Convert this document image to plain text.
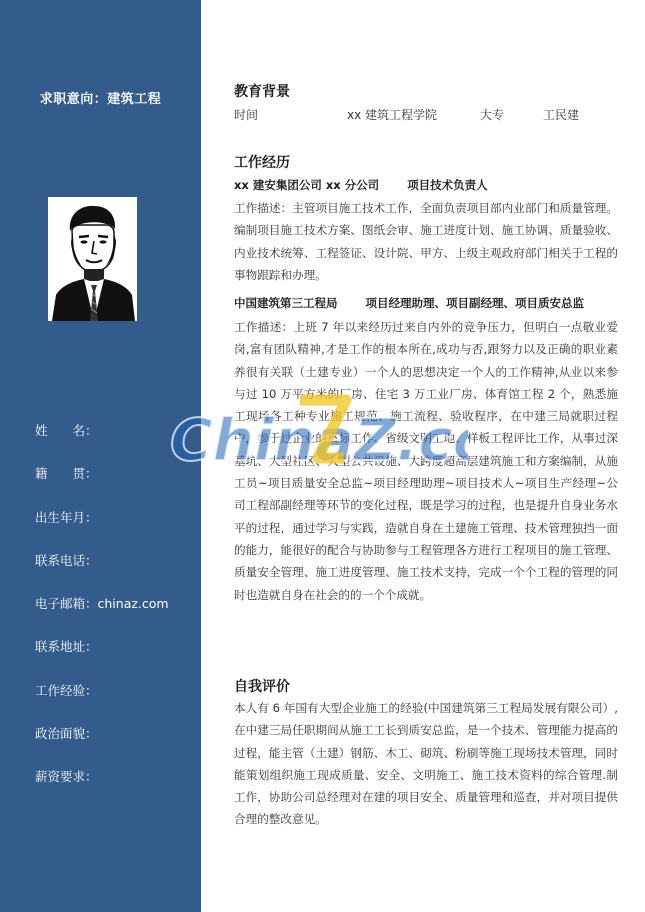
求职意向：建筑工程
姓　　名：
籍　　贯：
出生年月：
联系电话：
电子邮箱：chinaz.com
联系地址：
工作经验：
政治面貌：
薪资要求：
教育背景
时间	xx 建筑工程学院	大专	工民建
工作经历
xx 建安集团公司 xx 分公司 项目技术负责人
工作描述：主管项目施工技术工作，全面负责项目部内业部门和质量管理。编制项目施工技术方案、图纸会审、施工进度计划、施工协调、质量验收、内业技术统筹、工程签证、设计院、甲方、上级主观政府部门相关于工程的事物跟踪和办理。
中国建筑第三工程局 项目经理助理、项目副经理、项目质安总监
工作描述：上班 7 年以来经历过来自内外的竞争压力，但明白一点敬业爱岗,富有团队精神,才是工作的根本所在,成功与否,跟努力以及正确的职业素养很有关联（土建专业）一个人的思想决定一个人的工作精神,从业以来参与过 10 万平方米的厂房、住宅 3 万工业厂房、体育馆工程 2 个，熟悉施工现场各工种专业施工规范、施工流程、验收程序，在中建三局就职过程中，参于过企业的贯标工作、省级文明工地、样板工程评比工作，从事过深基坑、大型社区、大型公共设施、大跨度超高层建筑施工和方案编制，从施工员~项目质量安全总监~项目经理助理~项目技术人~项目生产经理~公司工程部副经理等环节的变化过程，既是学习的过程，也是提升自身业务水平的过程，通过学习与实践，造就自身在土建施工管理、技术管理独挡一面的能力，能很好的配合与协助参与工程管理各方进行工程项目的施工管理、质量安全管理、施工进度管理、施工技术支持，完成一个个工程的管理的同时也造就自身在社会的的一个个成就。
自我评价
本人有 6 年国有大型企业施工的经验(中国建筑第三工程局发展有限公司）,在中建三局任职期间从施工工长到质安总监，是一个技术、管理能力提高的过程，能主管（土建）钢筋、木工、砌筑、粉刷等施工现场技术管理，同时能策划组织施工现成质量、安全、文明施工、施工技术资料的综合管理.制工作，协助公司总经理对在建的项目安全、质量管理和巡查，并对项目提供合理的整改意见。
ChinaZ.c
